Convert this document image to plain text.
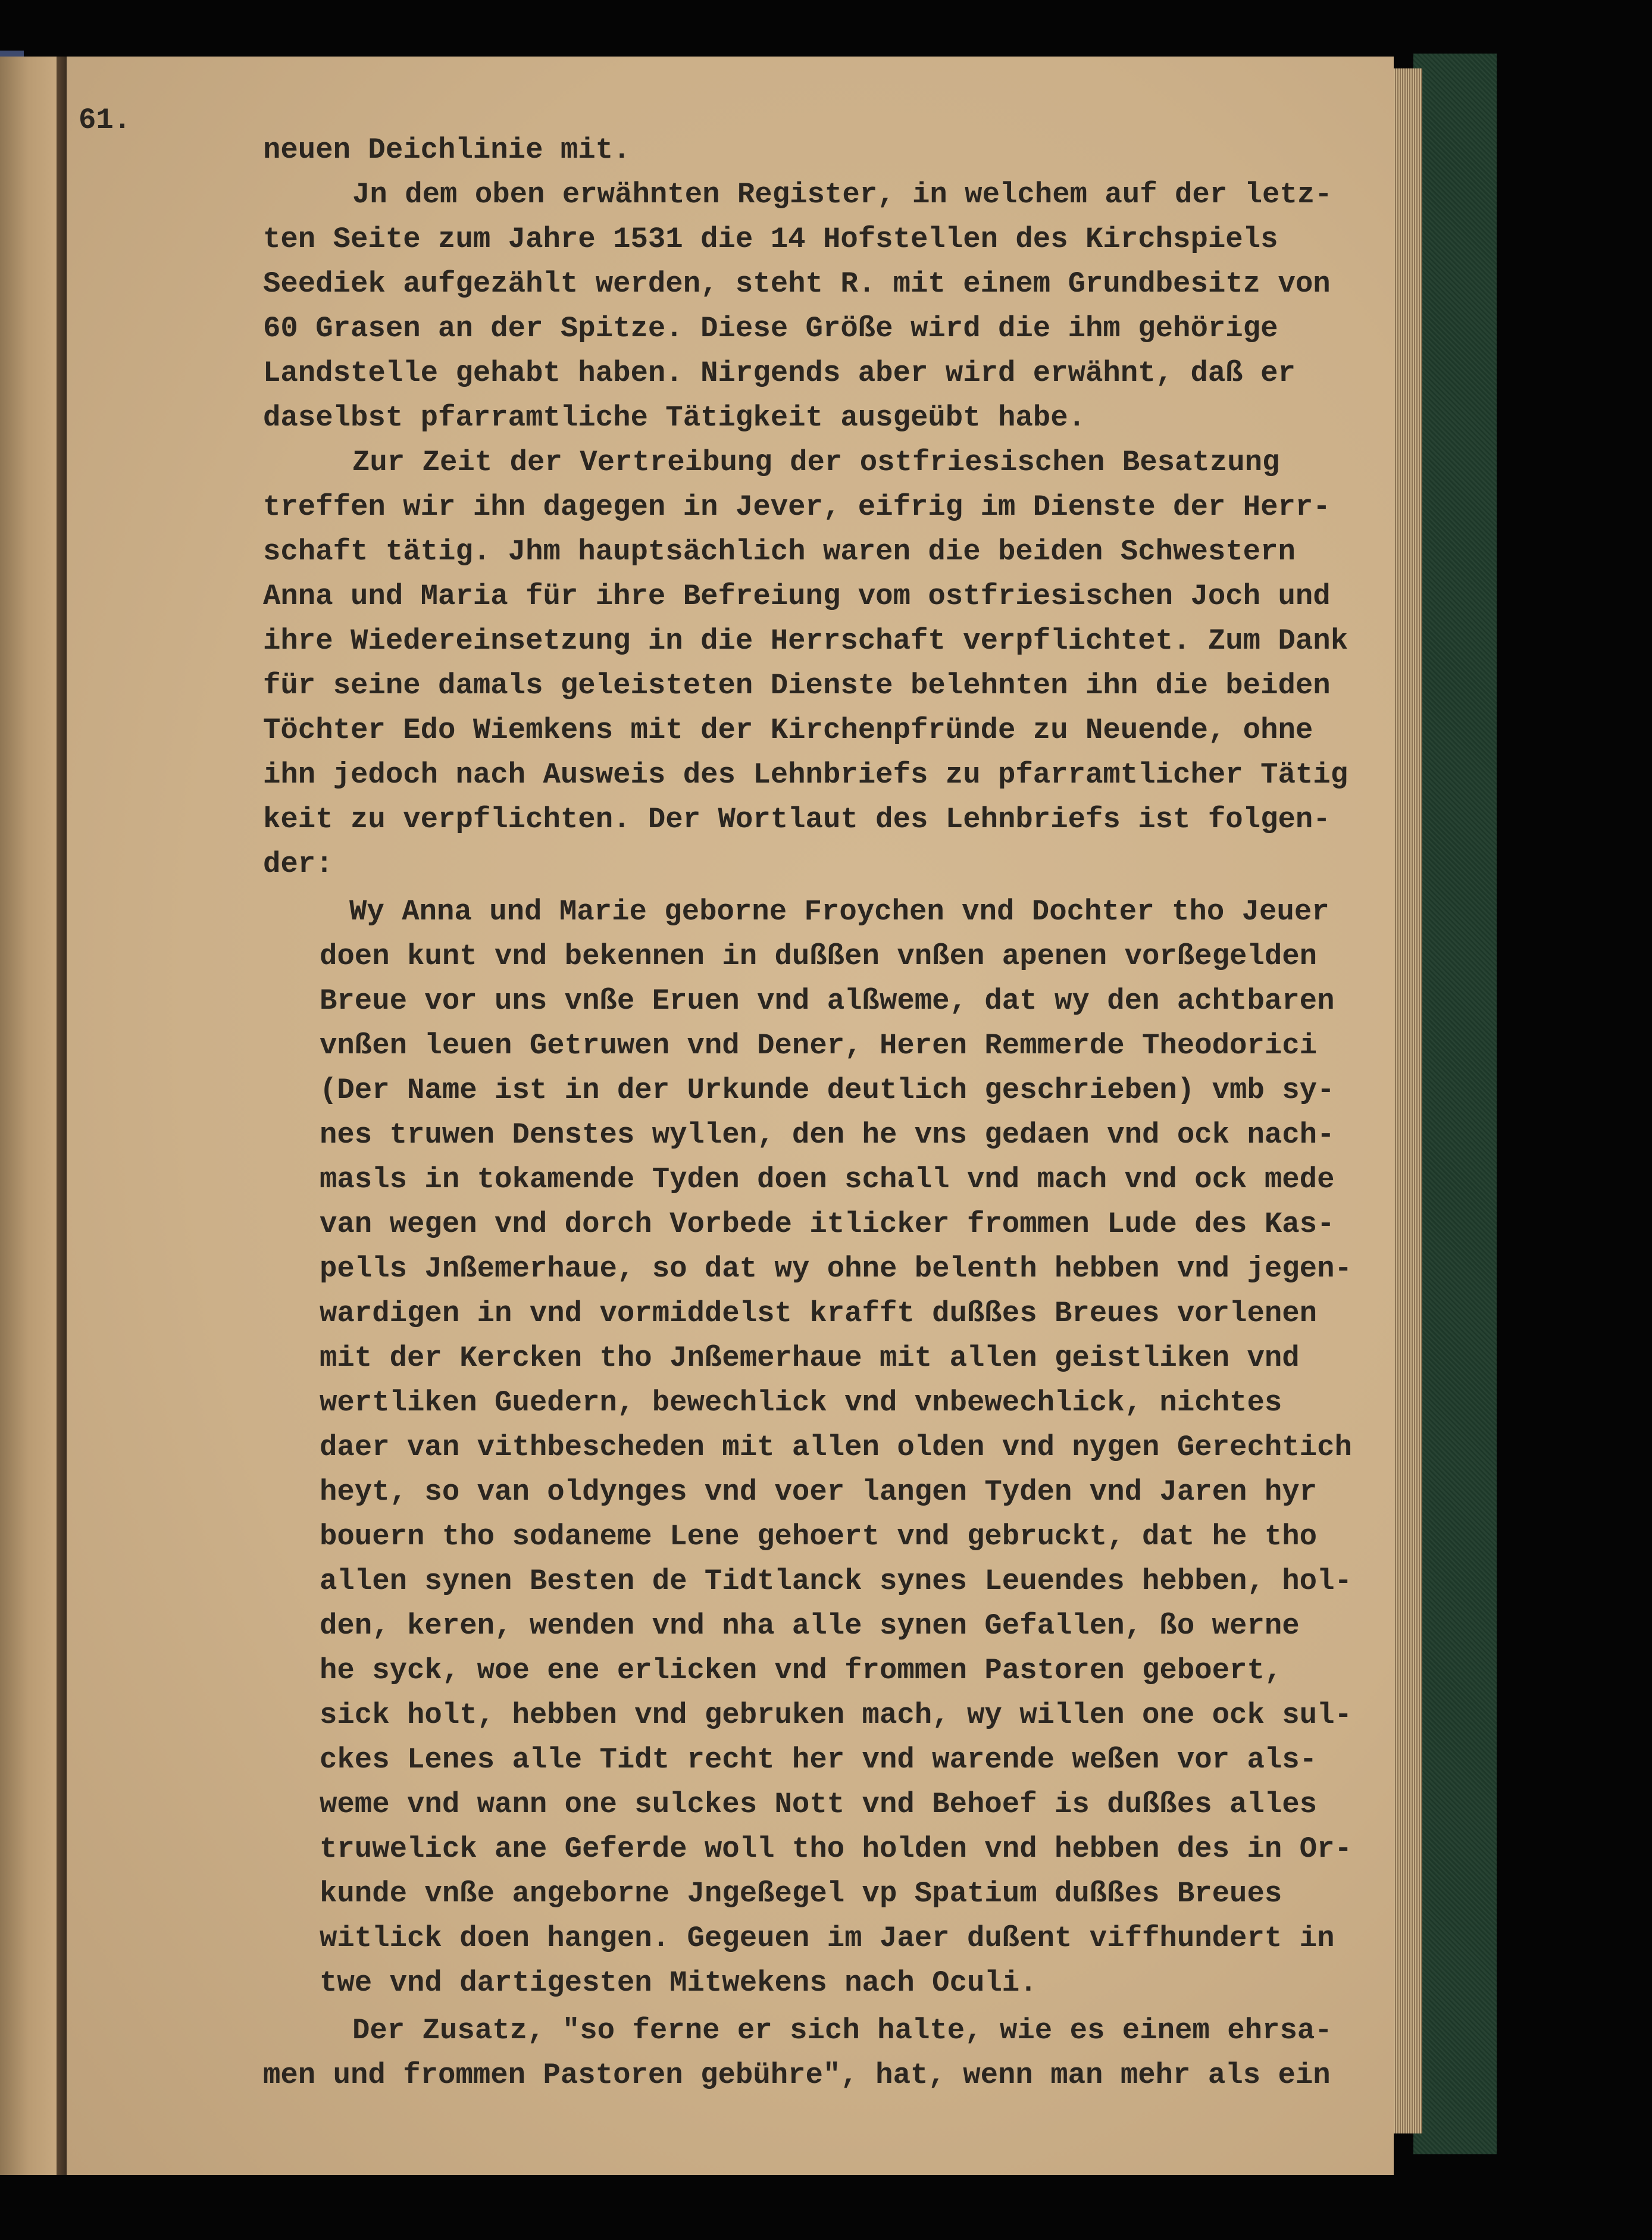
61.

neuen Deichlinie mit.

Jn dem oben erwähnten Register, in welchem auf der letz-

ten Seite zum Jahre 1531 die 14 Hofstellen des Kirchspiels

Seediek aufgezählt werden, steht R. mit einem Grundbesitz von

60 Grasen an der Spitze. Diese Größe wird die ihm gehörige

Landstelle gehabt haben. Nirgends aber wird erwähnt, daß er

daselbst pfarramtliche Tätigkeit ausgeübt habe.

Zur Zeit der Vertreibung der ostfriesischen Besatzung

treffen wir ihn dagegen in Jever, eifrig im Dienste der Herr-

schaft tätig. Jhm hauptsächlich waren die beiden Schwestern

Anna und Maria für ihre Befreiung vom ostfriesischen Joch und

ihre Wiedereinsetzung in die Herrschaft verpflichtet. Zum Dank

für seine damals geleisteten Dienste belehnten ihn die beiden

Töchter Edo Wiemkens mit der Kirchenpfründe zu Neuende, ohne

ihn jedoch nach Ausweis des Lehnbriefs zu pfarramtlicher Tätig

keit zu verpflichten. Der Wortlaut des Lehnbriefs ist folgen-

der:

Wy Anna und Marie geborne Froychen vnd Dochter tho Jeuer

doen kunt vnd bekennen in dußßen vnßen apenen vorßegelden

Breue vor uns vnße Eruen vnd alßweme, dat wy den achtbaren

vnßen leuen Getruwen vnd Dener, Heren Remmerde Theodorici

(Der Name ist in der Urkunde deutlich geschrieben) vmb sy-

nes truwen Denstes wyllen, den he vns gedaen vnd ock nach-

masls in tokamende Tyden doen schall vnd mach vnd ock mede

van wegen vnd dorch Vorbede itlicker frommen Lude des Kas-

pells Jnßemerhaue, so dat wy ohne belenth hebben vnd jegen-

wardigen in vnd vormiddelst krafft dußßes Breues vorlenen

mit der Kercken tho Jnßemerhaue mit allen geistliken vnd

wertliken Guedern, bewechlick vnd vnbewechlick, nichtes

daer van vithbescheden mit allen olden vnd nygen Gerechtich

heyt, so van oldynges vnd voer langen Tyden vnd Jaren hyr

bouern tho sodaneme Lene gehoert vnd gebruckt, dat he tho

allen synen Besten de Tidtlanck synes Leuendes hebben, hol-

den, keren, wenden vnd nha alle synen Gefallen, ßo werne

he syck, woe ene erlicken vnd frommen Pastoren geboert,

sick holt, hebben vnd gebruken mach, wy willen one ock sul-

ckes Lenes alle Tidt recht her vnd warende weßen vor als-

weme vnd wann one sulckes Nott vnd Behoef is dußßes alles

truwelick ane Geferde woll tho holden vnd hebben des in Or-

kunde vnße angeborne Jngeßegel vp Spatium dußßes Breues

witlick doen hangen. Gegeuen im Jaer dußent viffhundert in

twe vnd dartigesten Mitwekens nach Oculi.

Der Zusatz, "so ferne er sich halte, wie es einem ehrsa-

men und frommen Pastoren gebühre", hat, wenn man mehr als ein
